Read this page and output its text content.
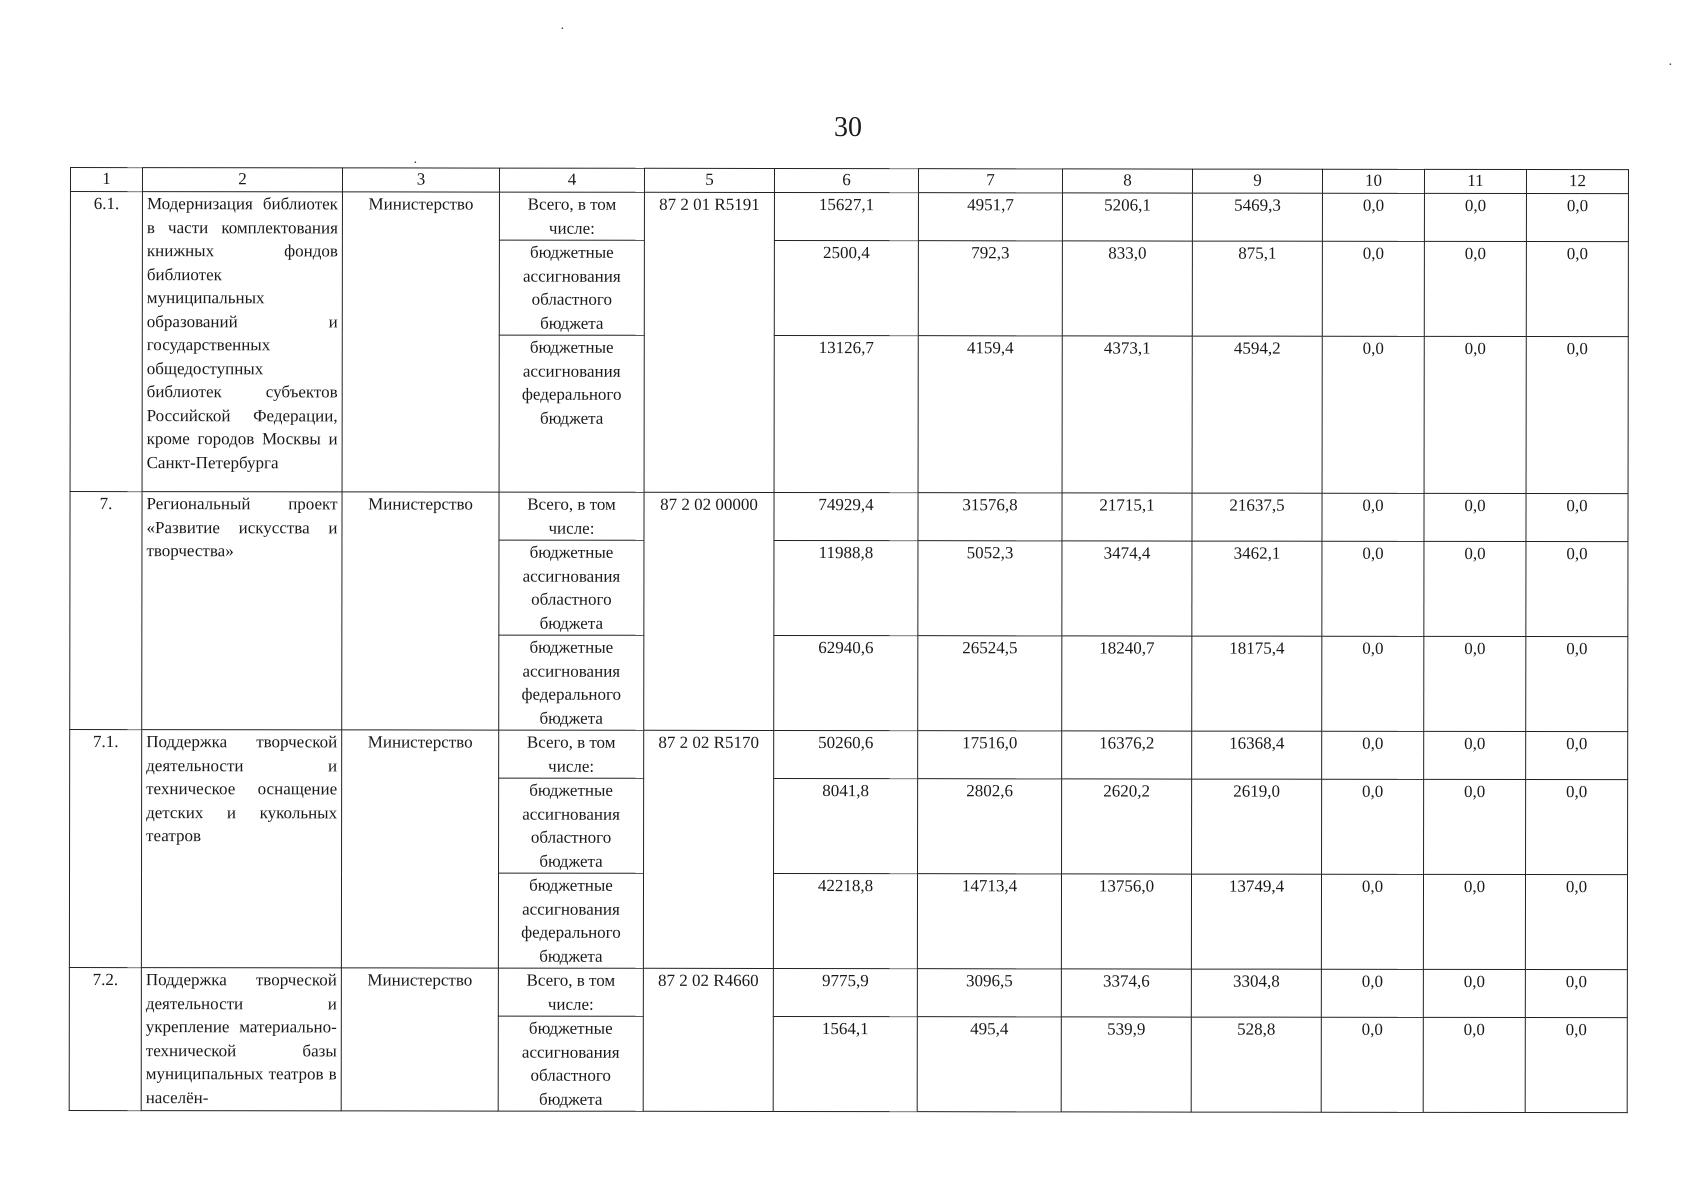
30
1	2	3	4	5	6	7	8	9	10	11	12
6.1.	Модернизация библиотек в части комплектования книжных фондов библиотек муниципальных образований и государственных общедоступных библиотек субъектов Российской Федерации, кроме городов Москвы и Санкт-Петербурга	Министерство	Всего, в том числе:	87 2 01 R5191	15627,1	4951,7	5206,1	5469,3	0,0	0,0	0,0
			бюджетные ассигнования областного бюджета		2500,4	792,3	833,0	875,1	0,0	0,0	0,0
			бюджетные ассигнования федерального бюджета		13126,7	4159,4	4373,1	4594,2	0,0	0,0	0,0
7.	Региональный проект «Развитие искусства и творчества»	Министерство	Всего, в том числе:	87 2 02 00000	74929,4	31576,8	21715,1	21637,5	0,0	0,0	0,0
			бюджетные ассигнования областного бюджета		11988,8	5052,3	3474,4	3462,1	0,0	0,0	0,0
			бюджетные ассигнования федерального бюджета		62940,6	26524,5	18240,7	18175,4	0,0	0,0	0,0
7.1.	Поддержка творческой деятельности и техническое оснащение детских и кукольных театров	Министерство	Всего, в том числе:	87 2 02 R5170	50260,6	17516,0	16376,2	16368,4	0,0	0,0	0,0
			бюджетные ассигнования областного бюджета		8041,8	2802,6	2620,2	2619,0	0,0	0,0	0,0
			бюджетные ассигнования федерального бюджета		42218,8	14713,4	13756,0	13749,4	0,0	0,0	0,0
7.2.	Поддержка творческой деятельности и укрепление материально-технической базы муниципальных театров в населён-	Министерство	Всего, в том числе:	87 2 02 R4660	9775,9	3096,5	3374,6	3304,8	0,0	0,0	0,0
			бюджетные ассигнования областного бюджета		1564,1	495,4	539,9	528,8	0,0	0,0	0,0
·
·
·
